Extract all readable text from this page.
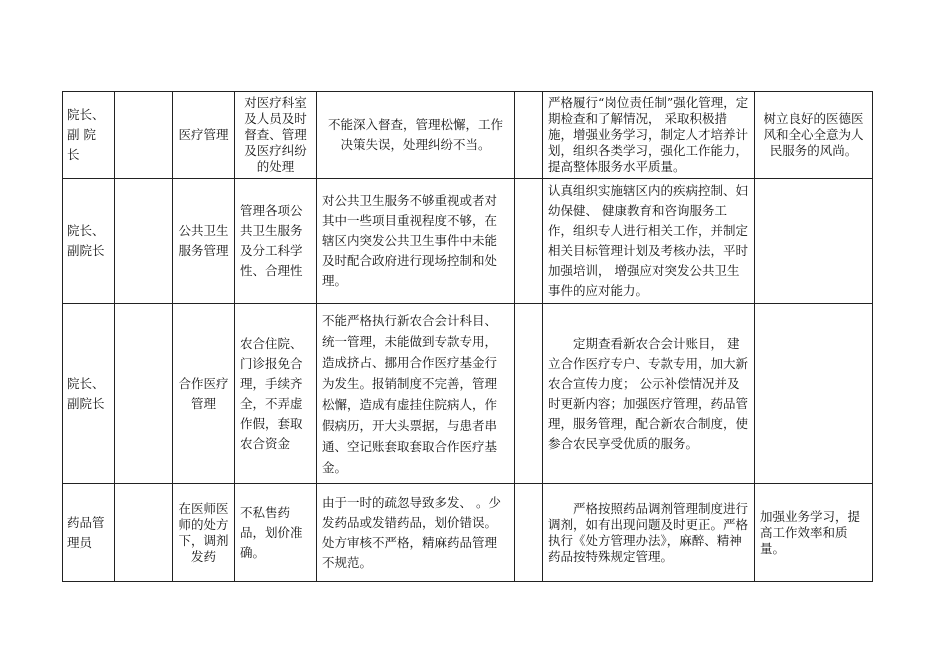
院长、副 院 长		医疗管理	对医疗科室及人员及时督查、管理及医疗纠纷的处理	不能深入督查，管理松懈，工作决策失误，处理纠纷不当。		严格履行“岗位责任制”强化管理，定期检查和了解情况， 采取积极措施，增强业务学习，制定人才培养计划，组织各类学习，强化工作能力，提高整体服务水平质量。	树立良好的医德医风和全心全意为人民服务的风尚。
院长、副院长		公共卫生服务管理	管理各项公共卫生服务及分工科学性、合理性	对公共卫生服务不够重视或者对其中一些项目重视程度不够，在辖区内突发公共卫生事件中未能及时配合政府进行现场控制和处理。		认真组织实施辖区内的疾病控制、妇幼保健、 健康教育和咨询服务工作，组织专人进行相关工作，并制定相关目标管理计划及考核办法，平时加强培训， 增强应对突发公共卫生事件的应对能力。	
院长、副院长		合作医疗管理	农合住院、门诊报免合理，手续齐全，不弄虚作假，套取农合资金	不能严格执行新农合会计科目、统一管理，未能做到专款专用，造成挤占、挪用合作医疗基金行为发生。报销制度不完善，管理松懈，造成有虚挂住院病人，作假病历，开大头票据，与患者串通、空记账套取套取合作医疗基金。		定期查看新农合会计账目， 建立合作医疗专户、专款专用，加大新农合宣传力度； 公示补偿情况并及时更新内容；加强医疗管理，药品管理，服务管理，配合新农合制度，使参合农民享受优质的服务。	
药品管理员		在医师医师的处方下，调剂发药	不私售药品，划价准确。	由于一时的疏忽导致多发、 。少发药品或发错药品，划价错误。处方审核不严格，精麻药品管理不规范。		严格按照药品调剂管理制度进行调剂，如有出现问题及时更正。严格执行《处方管理办法》，麻醉、精神药品按特殊规定管理。	加强业务学习，提高工作效率和质量。
